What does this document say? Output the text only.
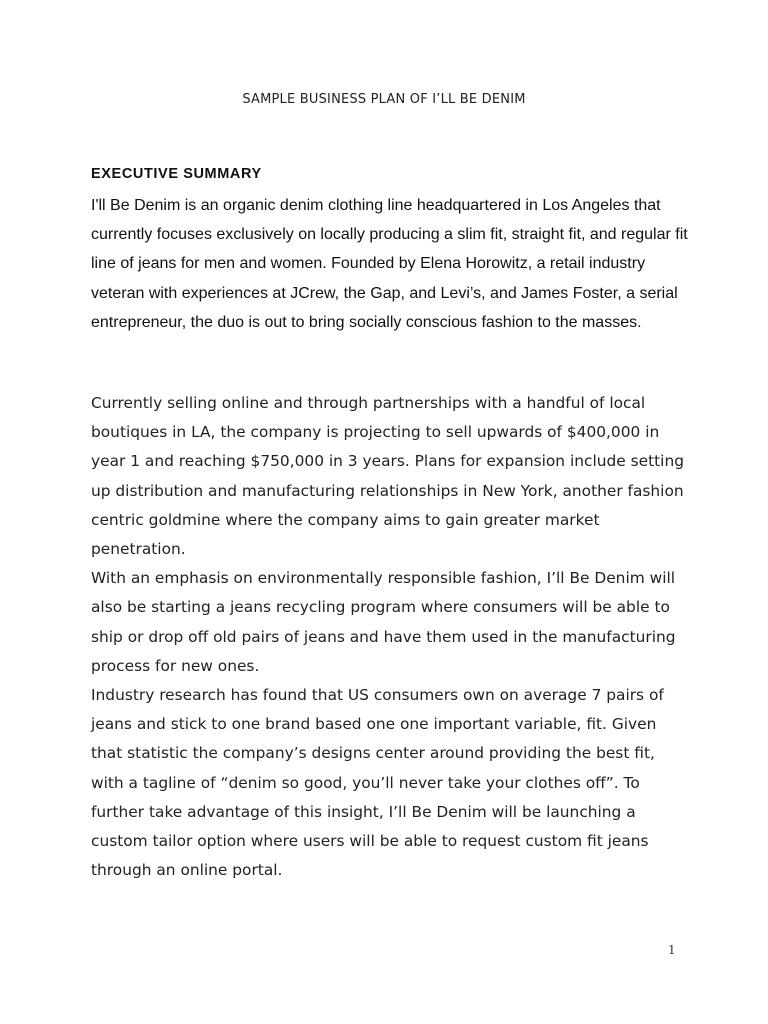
SAMPLE BUSINESS PLAN OF I’LL BE DENIM
EXECUTIVE SUMMARY

I'll Be Denim is an organic denim clothing line headquartered in Los Angeles that currently focuses exclusively on locally producing a slim fit, straight fit, and regular fit line of jeans for men and women. Founded by Elena Horowitz, a retail industry veteran with experiences at JCrew, the Gap, and Levi’s, and James Foster, a serial entrepreneur, the duo is out to bring socially conscious fashion to the masses.

Currently selling online and through partnerships with a handful of local boutiques in LA, the company is projecting to sell upwards of $400,000 in year 1 and reaching $750,000 in 3 years. Plans for expansion include setting up distribution and manufacturing relationships in New York, another fashion centric goldmine where the company aims to gain greater market penetration.

With an emphasis on environmentally responsible fashion, I’ll Be Denim will also be starting a jeans recycling program where consumers will be able to ship or drop off old pairs of jeans and have them used in the manufacturing process for new ones.

Industry research has found that US consumers own on average 7 pairs of jeans and stick to one brand based one one important variable, fit. Given that statistic the company’s designs center around providing the best fit, with a tagline of “denim so good, you’ll never take your clothes off”. To further take advantage of this insight, I’ll Be Denim will be launching a custom tailor option where users will be able to request custom fit jeans through an online portal.

1
